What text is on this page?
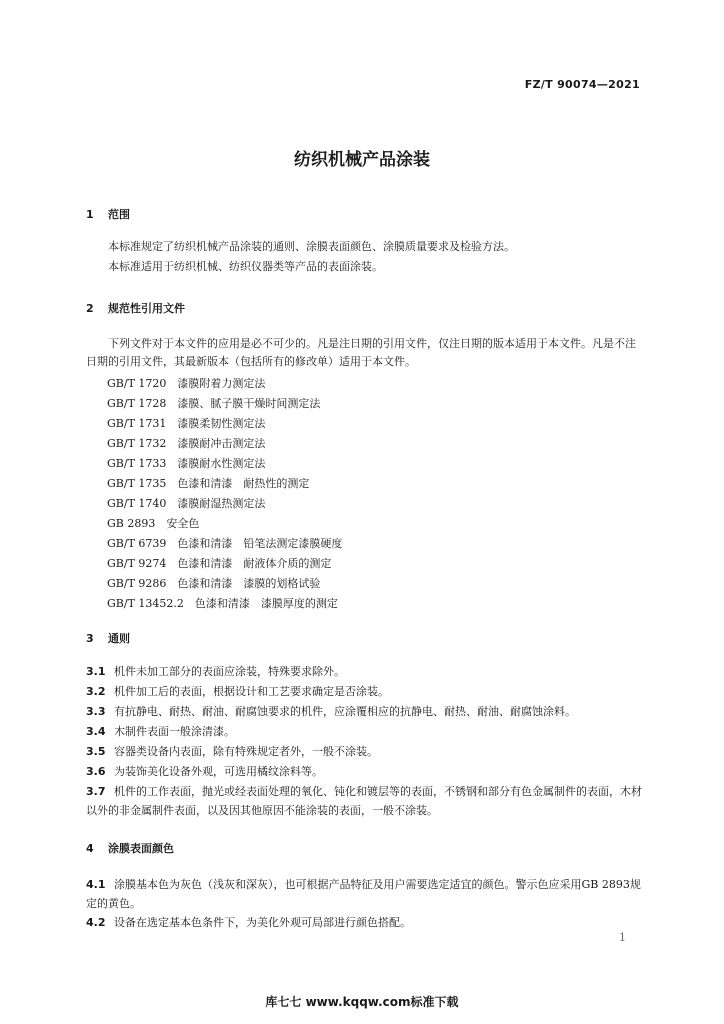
FZ/T 90074—2021
纺织机械产品涂装
1 范围
本标准规定了纺织机械产品涂装的通则、涂膜表面颜色、涂膜质量要求及检验方法。
本标准适用于纺织机械、纺织仪器类等产品的表面涂装。
2 规范性引用文件
下列文件对于本文件的应用是必不可少的。凡是注日期的引用文件，仅注日期的版本适用于本文件。凡是不注日期的引用文件，其最新版本（包括所有的修改单）适用于本文件。
GB/T 1720　 漆膜附着力测定法
GB/T 1728　 漆膜、腻子膜干燥时间测定法
GB/T 1731　 漆膜柔韧性测定法
GB/T 1732　 漆膜耐冲击测定法
GB/T 1733　 漆膜耐水性测定法
GB/T 1735　 色漆和清漆　耐热性的测定
GB/T 1740　 漆膜耐湿热测定法
GB 2893　 安全色
GB/T 6739　 色漆和清漆　铅笔法测定漆膜硬度
GB/T 9274　 色漆和清漆　耐液体介质的测定
GB/T 9286　 色漆和清漆　漆膜的划格试验
GB/T 13452.2　 色漆和清漆　漆膜厚度的测定
3 通则
3.1 机件未加工部分的表面应涂装，特殊要求除外。
3.2 机件加工后的表面，根据设计和工艺要求确定是否涂装。
3.3 有抗静电、耐热、耐油、耐腐蚀要求的机件，应涂覆相应的抗静电、耐热、耐油、耐腐蚀涂料。
3.4 木制件表面一般涂清漆。
3.5 容器类设备内表面，除有特殊规定者外，一般不涂装。
3.6 为装饰美化设备外观，可选用橘纹涂料等。
3.7 机件的工作表面，抛光或经表面处理的氧化、钝化和镀层等的表面，不锈钢和部分有色金属制件的表面，木材以外的非金属制件表面，以及因其他原因不能涂装的表面，一般不涂装。
4 涂膜表面颜色
4.1 涂膜基本色为灰色（浅灰和深灰），也可根据产品特征及用户需要选定适宜的颜色。警示色应采用GB 2893规定的黄色。
4.2 设备在选定基本色条件下，为美化外观可局部进行颜色搭配。
1
库七七 www.kqqw.com标准下载
